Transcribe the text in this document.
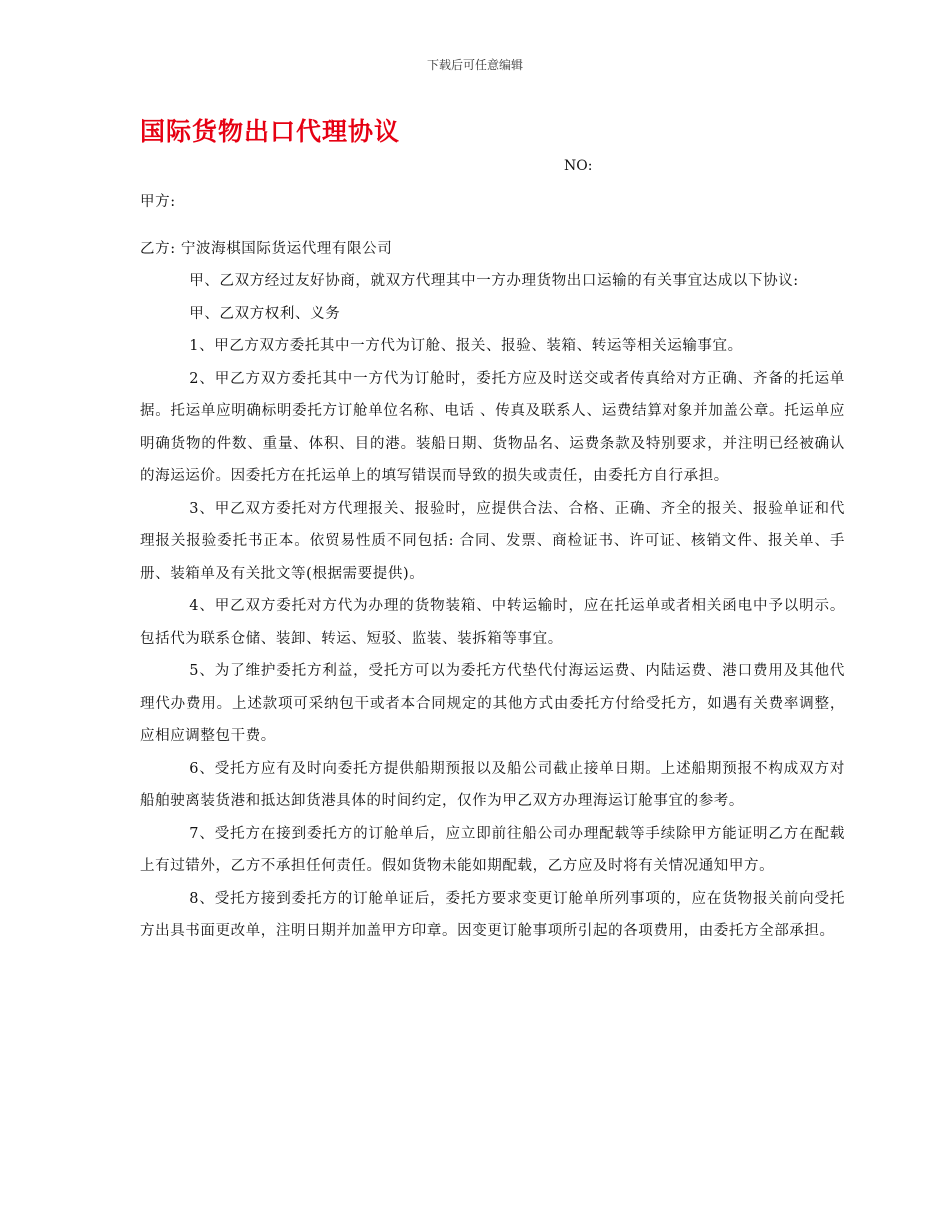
下载后可任意编辑
国际货物出口代理协议
NO:

甲方:

乙方: 宁波海棋国际货运代理有限公司

甲、乙双方经过友好协商，就双方代理其中一方办理货物出口运输的有关事宜达成以下协议:

甲、乙双方权利、义务

1、甲乙方双方委托其中一方代为订舱、报关、报验、装箱、转运等相关运输事宜。

2、甲乙方双方委托其中一方代为订舱时，委托方应及时送交或者传真给对方正确、齐备的托运单据。托运单应明确标明委托方订舱单位名称、电话 、传真及联系人、运费结算对象并加盖公章。托运单应明确货物的件数、重量、体积、目的港。装船日期、货物品名、运费条款及特别要求，并注明已经被确认的海运运价。因委托方在托运单上的填写错误而导致的损失或责任，由委托方自行承担。

3、甲乙双方委托对方代理报关、报验时，应提供合法、合格、正确、齐全的报关、报验单证和代理报关报验委托书正本。依贸易性质不同包括: 合同、发票、商检证书、许可证、核销文件、报关单、手册、装箱单及有关批文等(根据需要提供)。

4、甲乙双方委托对方代为办理的货物装箱、中转运输时，应在托运单或者相关函电中予以明示。包括代为联系仓储、装卸、转运、短驳、监装、装拆箱等事宜。

5、为了维护委托方利益，受托方可以为委托方代垫代付海运运费、内陆运费、港口费用及其他代理代办费用。上述款项可采纳包干或者本合同规定的其他方式由委托方付给受托方，如遇有关费率调整，应相应调整包干费。

6、受托方应有及时向委托方提供船期预报以及船公司截止接单日期。上述船期预报不构成双方对船舶驶离装货港和抵达卸货港具体的时间约定，仅作为甲乙双方办理海运订舱事宜的参考。

7、受托方在接到委托方的订舱单后，应立即前往船公司办理配载等手续除甲方能证明乙方在配载上有过错外，乙方不承担任何责任。假如货物未能如期配载，乙方应及时将有关情况通知甲方。

8、受托方接到委托方的订舱单证后，委托方要求变更订舱单所列事项的，应在货物报关前向受托方出具书面更改单，注明日期并加盖甲方印章。因变更订舱事项所引起的各项费用，由委托方全部承担。
